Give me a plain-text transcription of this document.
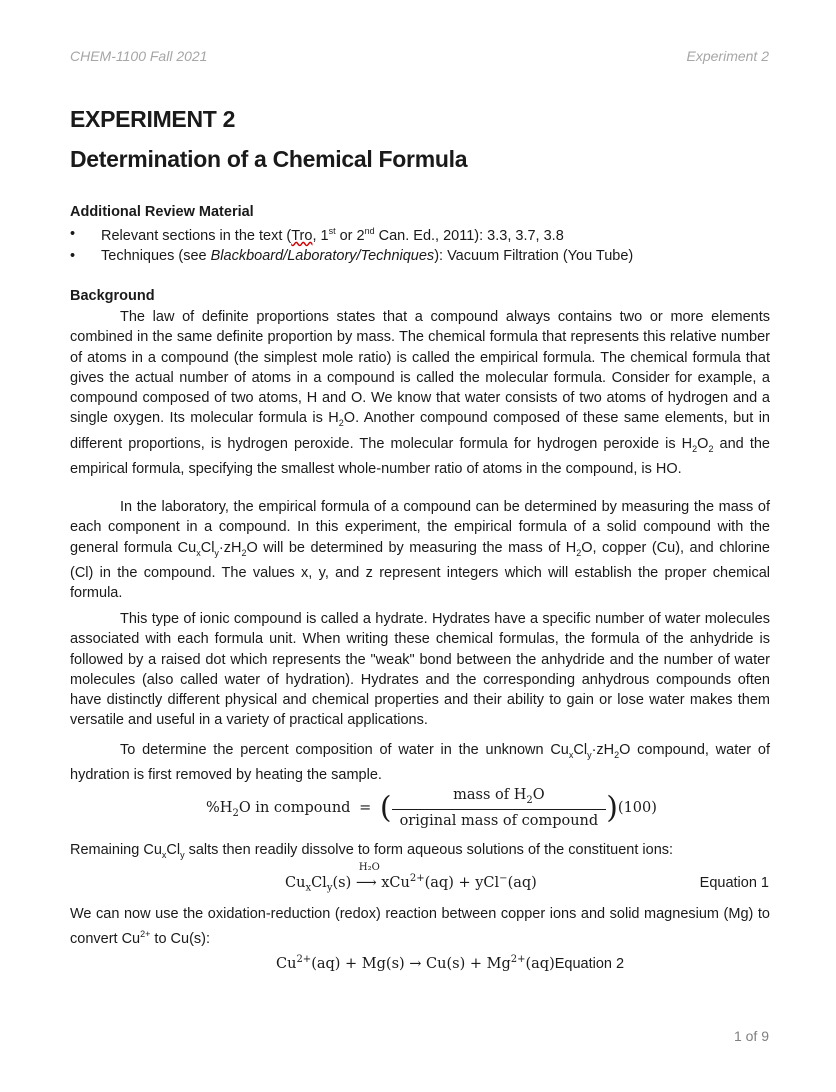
CHEM-1100 Fall 2021	Experiment 2
EXPERIMENT 2
Determination of a Chemical Formula
Additional Review Material
• Relevant sections in the text (Tro, 1st or 2nd Can. Ed., 2011): 3.3, 3.7, 3.8
• Techniques (see Blackboard/Laboratory/Techniques): Vacuum Filtration (You Tube)
Background

The law of definite proportions states that a compound always contains two or more elements combined in the same definite proportion by mass. The chemical formula that represents this relative number of atoms in a compound (the simplest mole ratio) is called the empirical formula. The chemical formula that gives the actual number of atoms in a compound is called the molecular formula. Consider for example, a compound composed of two atoms, H and O. We know that water consists of two atoms of hydrogen and a single oxygen. Its molecular formula is $H_2O$. Another compound composed of these same elements, but in different proportions, is hydrogen peroxide. The molecular formula for hydrogen peroxide is $H_2O_2$ and the empirical formula, specifying the smallest whole-number ratio of atoms in the compound, is HO.

In the laboratory, the empirical formula of a compound can be determined by measuring the mass of each component in a compound. In this experiment, the empirical formula of a solid compound with the general formula $Cu_xCl_y\cdot zH_2O$ will be determined by measuring the mass of $H_2O$, copper (Cu), and chlorine (Cl) in the compound. The values x, y, and z represent integers which will establish the proper chemical formula.

This type of ionic compound is called a hydrate. Hydrates have a specific number of water molecules associated with each formula unit. When writing these chemical formulas, the formula of the anhydride is followed by a raised dot which represents the "weak" bond between the anhydride and the number of water molecules (also called water of hydration). Hydrates and the corresponding anhydrous compounds often have distinctly different physical and chemical properties and their ability to gain or lose water makes them versatile and useful in a variety of practical applications.

To determine the percent composition of water in the unknown $Cu_xCl_y\cdot zH_2O$ compound, water of hydration is first removed by heating the sample.

$\%H_2O$ in compound = ( $\frac{mass of H_2O}{\text{original mass of compound}} )(100)$

Remaining $Cu_xCl_y$ salts then readily dissolve to form aqueous solutions of the constituent ions:

$Cu_xCl_y(s)$
H₂O
⟶ xCu$^{2+}$(aq) + yCl−(aq)	Equation 1

We can now use the oxidation-reduction (redox) reaction between copper ions and solid magnesium (Mg) to convert $Cu^{2+}$ to Cu(s):

$Cu^{2+}(aq) + Mg(s) \to Cu(s)$ + $Mg^{2+}(aq)Equation$ 2
1 of 9
